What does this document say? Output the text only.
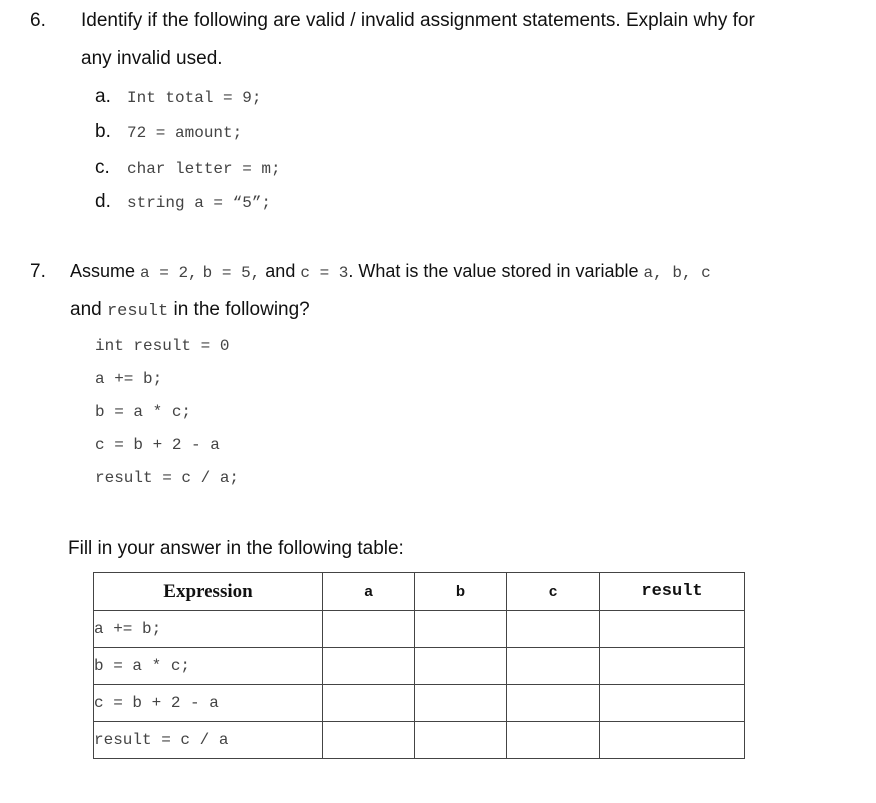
6. Identify if the following are valid / invalid assignment statements. Explain why for
any invalid used.
a. Int total = 9;
b. 72 = amount;
c. char letter = m;
d. string a = “5”;
7. Assume a = 2, b = 5, and c = 3. What is the value stored in variable a, b, c
and result in the following?
int result = 0
a += b;
b = a * c;
c = b + 2 - a
result = c / a;
Fill in your answer in the following table:
Expression	a	b	c	result
a += b;				
b = a * c;				
c = b + 2 - a				
result = c / a				
